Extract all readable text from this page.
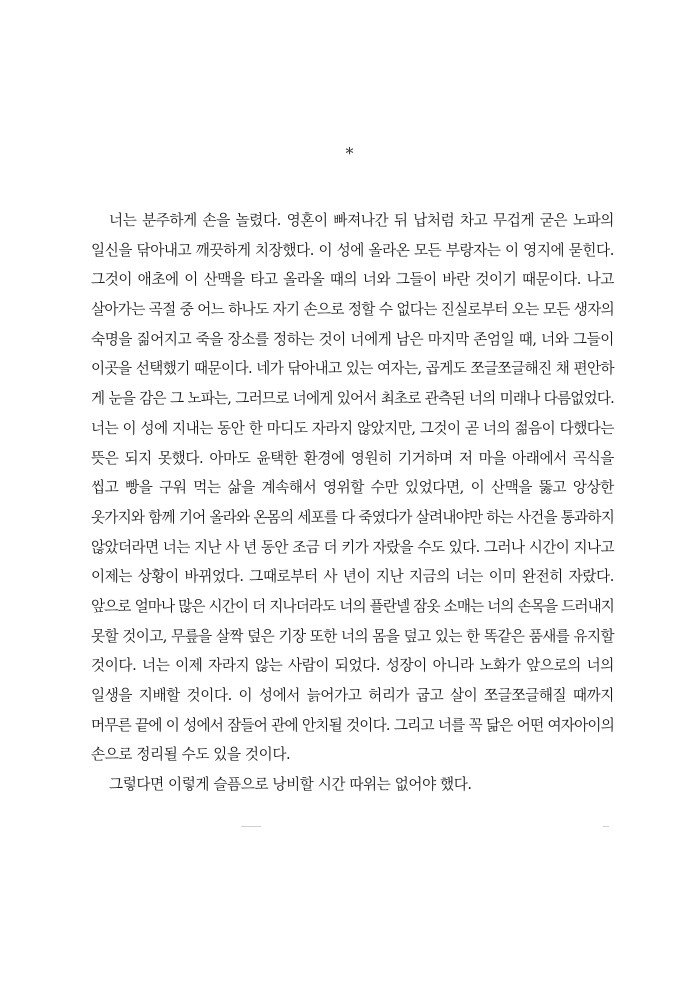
*
너는 분주하게 손을 놀렸다. 영혼이 빠져나간 뒤 납처럼 차고 무겁게 굳은 노파의
일신을 닦아내고 깨끗하게 치장했다. 이 성에 올라온 모든 부랑자는 이 영지에 묻힌다.
그것이 애초에 이 산맥을 타고 올라올 때의 너와 그들이 바란 것이기 때문이다. 나고
살아가는 곡절 중 어느 하나도 자기 손으로 정할 수 없다는 진실로부터 오는 모든 생자의
숙명을 짊어지고 죽을 장소를 정하는 것이 너에게 남은 마지막 존엄일 때, 너와 그들이
이곳을 선택했기 때문이다. 네가 닦아내고 있는 여자는, 곱게도 쪼글쪼글해진 채 편안하
게 눈을 감은 그 노파는, 그러므로 너에게 있어서 최초로 관측된 너의 미래나 다름없었다.
너는 이 성에 지내는 동안 한 마디도 자라지 않았지만, 그것이 곧 너의 젊음이 다했다는
뜻은 되지 못했다. 아마도 윤택한 환경에 영원히 기거하며 저 마을 아래에서 곡식을
씹고 빵을 구워 먹는 삶을 계속해서 영위할 수만 있었다면, 이 산맥을 뚫고 앙상한
옷가지와 함께 기어 올라와 온몸의 세포를 다 죽였다가 살려내야만 하는 사건을 통과하지
않았더라면 너는 지난 사 년 동안 조금 더 키가 자랐을 수도 있다. 그러나 시간이 지나고
이제는 상황이 바뀌었다. 그때로부터 사 년이 지난 지금의 너는 이미 완전히 자랐다.
앞으로 얼마나 많은 시간이 더 지나더라도 너의 플란넬 잠옷 소매는 너의 손목을 드러내지
못할 것이고, 무릎을 살짝 덮은 기장 또한 너의 몸을 덮고 있는 한 똑같은 품새를 유지할
것이다. 너는 이제 자라지 않는 사람이 되었다. 성장이 아니라 노화가 앞으로의 너의
일생을 지배할 것이다. 이 성에서 늙어가고 허리가 굽고 살이 쪼글쪼글해질 때까지
머무른 끝에 이 성에서 잠들어 관에 안치될 것이다. 그리고 너를 꼭 닮은 어떤 여자아이의
손으로 정리될 수도 있을 것이다.
그렇다면 이렇게 슬픔으로 낭비할 시간 따위는 없어야 했다.
